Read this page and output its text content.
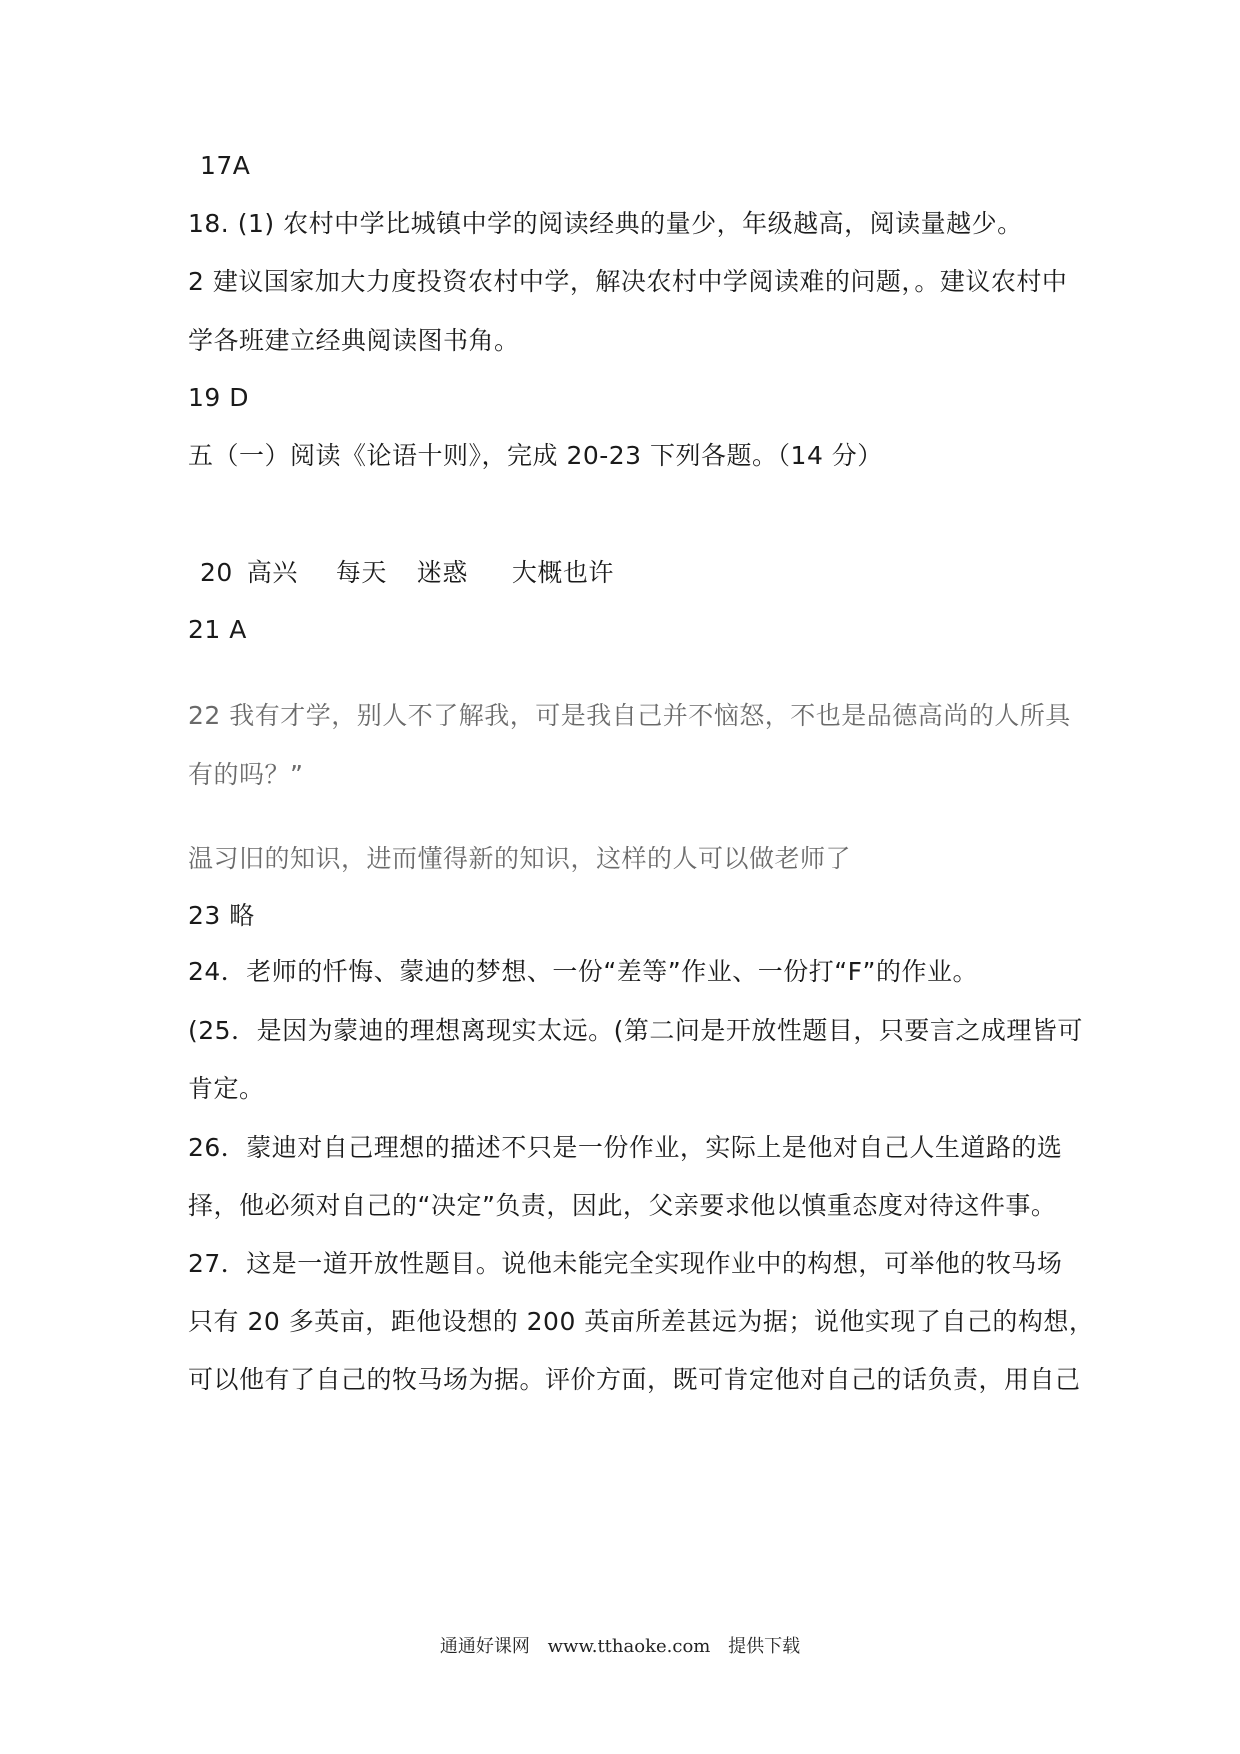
17A
18. (1) 农村中学比城镇中学的阅读经典的量少，年级越高，阅读量越少。
2 建议国家加大力度投资农村中学，解决农村中学阅读难的问题，。建议农村中
学各班建立经典阅读图书角。
19 D
五（一）阅读《论语十则》，完成 20-23 下列各题。（14 分）
20 高兴 每天 迷惑 大概也许
21 A
22 我有才学，别人不了解我，可是我自己并不恼怒，不也是品德高尚的人所具
有的吗？”
温习旧的知识，进而懂得新的知识，这样的人可以做老师了
23 略
24．老师的忏悔、蒙迪的梦想、一份“差等”作业、一份打“F”的作业。
(25．是因为蒙迪的理想离现实太远。(第二问是开放性题目，只要言之成理皆可
肯定。
26．蒙迪对自己理想的描述不只是一份作业，实际上是他对自己人生道路的选
择，他必须对自己的“决定”负责，因此，父亲要求他以慎重态度对待这件事。
27．这是一道开放性题目。说他未能完全实现作业中的构想，可举他的牧马场
只有 20 多英亩，距他设想的 200 英亩所差甚远为据；说他实现了自己的构想，
可以他有了自己的牧马场为据。评价方面，既可肯定他对自己的话负责，用自己
通通好课网 www.tthaoke.com 提供下载
